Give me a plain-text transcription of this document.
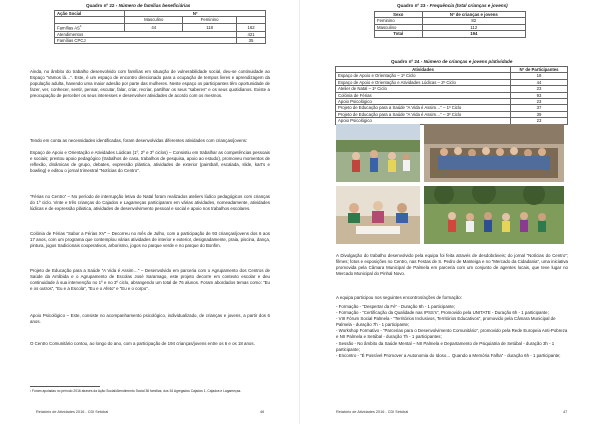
Quadro nº 22 - Número de famílias beneficiárias
Ação Social	Nº		
	Masculino	Feminino	
Famílias $AS^1$	44	118	162
Atendimentos			421
Famílias CPCJ			35

Ainda, no âmbito do trabalho desenvolvido com famílias em situação de vulnerabilidade social, deu-se continuidade ao Espaço “Vamos lá…”. Este, é um espaço de encontro direcionado para a ocupação de tempos livres e aprendizagem da população adulta, havendo uma maior adesão por parte das mulheres. Neste espaço os participantes têm oportunidade de fazer, ver, conhecer, sentir, pensar, escutar, falar, criar, recriar, partilhar os seus “saberes” e os seus quotidianos. Existe a preocupação de perceber os seus interesses e desenvolver atividades de acordo com os mesmos.

Tendo em conta as necessidades identificadas, foram desenvolvidas diferentes atividades com crianças/jovens:

Espaço de Apoio e Orientação e Atividades Lúdicas (1º, 2º e 3º ciclos) – Consistiu em trabalhar as competências pessoais e sociais; prestou apoio pedagógico (trabalhos de casa, trabalhos de pesquisa, apoio ao estudo), promoveu momentos de reflexão, dinâmicas de grupo, debates, expressão plástica, atividades de exterior (paintball, escalada, slide, kart's e bowling) e editou o jornal trimestral “Notícias do Centro”.

“Férias no Centro” – No período de interrupção letiva do Natal foram realizados ateliers lúdico pedagógicos com crianças do 1º ciclo. Vinte e três crianças do Cajados e Lagameças participaram em várias atividades, nomeadamente, atividades lúdicas e de expressão plástica, atividades de desenvolvimento pessoal e social e apoio nos trabalhos escolares.

Colónia de Férias “Sabor a Férias XV” – Decorreu no mês de Julho, com a participação de 93 crianças/jovens dos 6 aos 17 anos, com um programa que contemplou várias atividades de interior e exterior, designadamente, praia, piscina, dança, pintura, jogos tradicionais cooperativos, arborismo, jogos no parque verde e no parque do Bonfim.

Projeto de Educação para a Saúde “A Vida é Assim…” – Desenvolvido em parceria com o Agrupamento dos Centros de Saúde da Arrábida e o Agrupamento de Escolas José Saramago, este projeto decorre em contexto escolar e deu continuidade à sua intervenção no 1º e no 3º ciclo, abrangendo um total de 76 alunos. Foram abordados temas como: “Eu e os outros”, “Eu e a Escola”, “Eu e o Afeto” e “Eu e o corpo”.

Apoio Psicológico – Este, consiste no acompanhamento psicológico, individualizado, de crianças e jovens, a partir dos 6 anos.

O Centro Comunitário contou, ao longo do ano, com a participação de 194 crianças/jovens entre os 6 e os 18 anos.

¹ Foram apoiadas no período 2016 através da Ação Social/Atendimento Social 36 famílias, dos 34 Agregados Cajados 1, Cajados e Lagameças.

Relatório de Atividades 2016 - CDI Setúbal	46
Quadro nº 23 - Frequência (total crianças e jovens)
Sexo	Nº de crianças e jovens
Feminino	82
Masculino	112
Total	194
Quadro nº 24 - Número de crianças e jovens p/atividade
Atividades	Nº de Participantes
Espaço de Apoio e Orientação – 1º Ciclo	18
Espaço de Apoio e Orientação e Atividades Lúdicas – 2º Ciclo	44
Atelier de Natal – 1º Ciclo	23
Colónia de Férias	93
Apoio Psicológico	23
Projeto de Educação para a Saúde “A Vida é Assim…” – 1º Ciclo	37
Projeto de Educação para a Saúde “A Vida é Assim…” – 3º Ciclo	39
Apoio Psicológico	23

A Divulgação do trabalho desenvolvido pela equipa foi feita através de desdobráveis; do jornal “Notícias do Centro”; filmes; fotos e exposições no Centro, nas Festas de S. Pedro de Manteiga e no “Mercado da Cidadania”, uma iniciativa promovida pela Câmara Municipal de Palmela em parceria com um conjunto de agentes locais, que teve lugar no Mercado Municipal do Pinhal Novo.

A equipa participou nos seguintes encontros/ações de formação:

- Formação - “Despertar da Fé” - Duração 6h - 1 participante;
- Formação - “Certificação da Qualidade nas IPSS’s”, Promovido pela UNITATE - Duração 6h - 1 participante;
- VIII Fórum Social Palmela - “Territórios Inclusivos, Territórios Educativos”, promovido pela Câmara Municipal de Palmela - duração 7h - 1 participante;
- Workshop Formativo - “Parcerias para o Desenvolvimento Comunitário”, promovido pela Rede Europeia Anti-Pobreza e NII Palmela e Setúbal - duração 7h - 1 participantes;
- Sessão - No âmbito da Saúde Mental – NII Palmela e Departamento de Psiquiatria de Setúbal - duração 3h - 1 participante;
- Encontro - “É Possível Promover a Autonomia do Idoso… Quando a Memória Falha” - duração 6h - 1 participante;
Relatório de Atividades 2016 - CDI Setúbal	47
